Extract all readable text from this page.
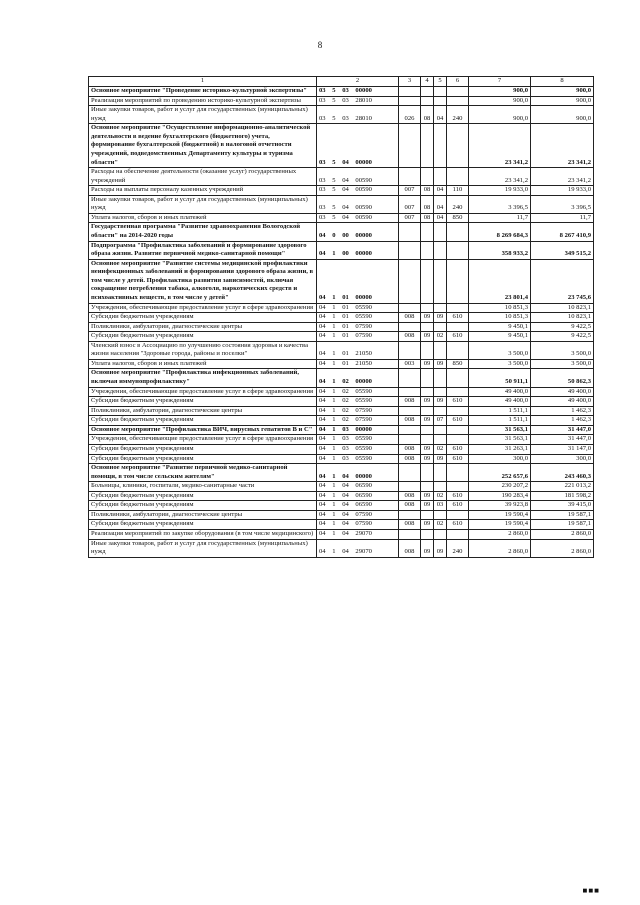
8
1	2	3	4	5	6	7	8
Основное мероприятие "Проведение историко-культурной экспертизы"	03 5 03 00000					900,0	900,0
Реализация мероприятий по проведению историко-культурной экспертизы	03 5 03 28010					900,0	900,0
Иные закупки товаров, работ и услуг для государственных (муниципальных) нужд	03 5 03 28010	026	08	04	240	900,0	900,0
Основное мероприятие "Осуществление информационно-аналитической деятельности в ведение бухгалтерского (бюджетного) учета, формирование бухгалтерской (бюджетной) в налоговой отчетности учреждений, подведомственных Департаменту культуры и туризма области"	03 5 04 00000					23 341,2	23 341,2
Расходы на обеспечение деятельности (оказание услуг) государственных учреждений	03 5 04 00590					23 341,2	23 341,2
Расходы на выплаты персоналу казенных учреждений	03 5 04 00590	007	08	04	110	19 933,0	19 933,0
Иные закупки товаров, работ и услуг для государственных (муниципальных) нужд	03 5 04 00590	007	08	04	240	3 396,5	3 396,5
Уплата налогов, сборов и иных платежей	03 5 04 00590	007	08	04	850	11,7	11,7
Государственная программа "Развитие здравоохранения Вологодской области" на 2014-2020 годы	04 0 00 00000					8 269 684,3	8 267 410,9
Подпрограмма "Профилактика заболеваний и формирование здорового образа жизни. Развитие первичной медико-санитарной помощи"	04 1 00 00000					358 933,2	349 515,2
Основное мероприятие "Развитие системы медицинской профилактики неинфекционных заболеваний и формирования здорового образа жизни, в том числе у детей. Профилактика развития зависимостей, включая сокращение потребления табака, алкоголя, наркотических средств и психоактивных веществ, в том числе у детей"	04 1 01 00000					23 801,4	23 745,6
Учреждения, обеспечивающие предоставление услуг в сфере здравоохранения	04 1 01 05590					10 851,3	10 823,1
Субсидии бюджетным учреждениям	04 1 01 05590	008	09	09	610	10 851,3	10 823,1
Поликлиники, амбулатории, диагностические центры	04 1 01 07590					9 450,1	9 422,5
Субсидии бюджетным учреждениям	04 1 01 07590	008	09	02	610	9 450,1	9 422,5
Членский взнос в Ассоциацию по улучшению состояния здоровья и качества жизни населения "Здоровые города, районы и поселки"	04 1 01 21050					3 500,0	3 500,0
Уплата налогов, сборов и иных платежей	04 1 01 21050	003	09	09	850	3 500,0	3 500,0
Основное мероприятие "Профилактика инфекционных заболеваний, включая иммунопрофилактику"	04 1 02 00000					50 911,1	50 862,3
Учреждения, обеспечивающие предоставление услуг в сфере здравоохранения	04 1 02 05590					49 400,0	49 400,0
Субсидии бюджетным учреждениям	04 1 02 05590	008	09	09	610	49 400,0	49 400,0
Поликлиники, амбулатории, диагностические центры	04 1 02 07590					1 511,1	1 462,3
Субсидии бюджетным учреждениям	04 1 02 07590	008	09	07	610	1 511,1	1 462,3
Основное мероприятие "Профилактика ВИЧ, вирусных гепатитов В и С"	04 1 03 00000					31 563,1	31 447,0
Учреждения, обеспечивающие предоставление услуг в сфере здравоохранения	04 1 03 05590					31 563,1	31 447,0
Субсидии бюджетным учреждениям	04 1 03 05590	008	09	02	610	31 263,1	31 147,0
Субсидии бюджетным учреждениям	04 1 03 05590	008	09	09	610	300,0	300,0
Основное мероприятие "Развитие первичной медико-санитарной помощи, в том числе сельским жителям"	04 1 04 00000					252 657,6	243 460,3
Больницы, клиники, госпитали, медико-санитарные части	04 1 04 06590					230 207,2	221 013,2
Субсидии бюджетным учреждениям	04 1 04 06590	008	09	02	610	190 283,4	181 598,2
Субсидии бюджетным учреждениям	04 1 04 06590	008	09	03	610	39 923,8	39 415,0
Поликлиники, амбулатории, диагностические центры	04 1 04 07590					19 590,4	19 587,1
Субсидии бюджетным учреждениям	04 1 04 07590	008	09	02	610	19 590,4	19 587,1
Реализация мероприятий по закупке оборудования (в том числе медицинского)	04 1 04 29070					2 860,0	2 860,0
Иные закупки товаров, работ и услуг для государственных (муниципальных) нужд	04 1 04 29070	008	09	09	240	2 860,0	2 860,0
■■■
